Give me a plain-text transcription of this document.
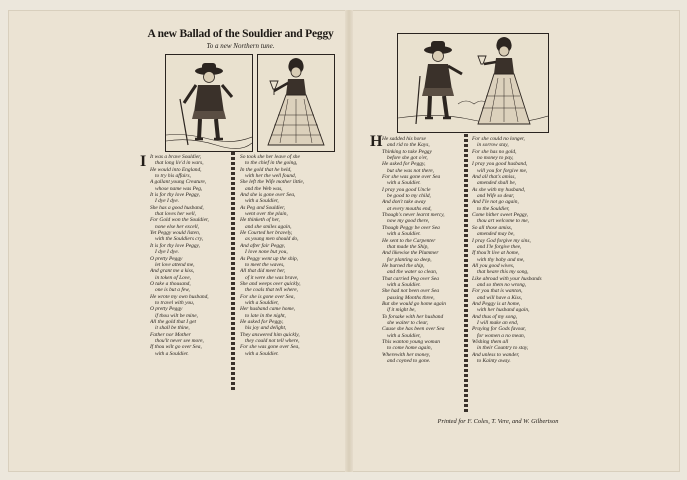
A new Ballad of the Souldier and Peggy
To a new Northern tune.
I
H
It was a brave Souldier,
that long liv'd in wars,
He would into England,
to try his affairs,
A gallant young Creature,
whose name was Peg,
It is for thy love Peggy,
I dye I dye.
She has a good husband,
that loves her well,
For Gold won the Souldier,
none else her excell,
Yet Peggy would listen,
with the Souldiers cry,
It is for thy love Peggy,
I dye I dye.
O pretty Peggy
let love attend me,
And grant me a kiss,
in token of Love,
O take a thousand,
one is but a few,
He wrote my own husband,
to travel with you,
O pretty Peggy
if thou wilt be mine,
All the gold that I get
it shall be thine,
Father nor Mother
thou'lt never see more,
If thou wilt go over Sea,
with a Souldier.
So took she her leave of she
to the chief in the going,
In the gold that he held,
with her the well found,
She left the Wife mother little,
and the Web was,
And she is gone over Sea,
with a Souldier,
As Peg and Souldier,
went over the plain,
He thinketh of her,
and she smiles again,
He Courted her bravely,
as young men should do,
And after fair Peggy,
I love none but you,
As Peggy went up the ship,
to meet the waves,
All that did meet her,
of it were she was brave,
She and weeps over quickly,
the coals that tell where,
For she is gone over Sea,
with a Souldier,
Her husband came home,
to late in the night,
He asked for Peggy,
his joy and delight,
They answered him quickly,
they could not tell where,
For she was gone over Sea,
with a Souldier.
He sadded his horse
and rid to the Kays,
Thinking to take Peggy
before she got o'er,
He asked for Peggy,
but she was not there,
For she was gone over Sea
with a Souldier.
I pray you good Uncle
be good to my child,
And don't take away
at every mouths end,
Though's never learnt mercy,
now my good there,
Though Peggy be over Sea
with a Souldier.
He sent to the Carpenter
that made the Ship,
And likewise the Plummer
for planting so deep,
He burned the ship,
and the water so clean,
That carried Peg over Sea
with a Souldier.
She had not been over Sea
passing Months three,
But she would go home again
if it might be,
To forsake with her husband
she waiter to clear,
Cause she has been over Sea
with a Souldier,
This wanton young woman
to come home again,
Wherewith her money,
and coyned to gone.
For she could no longer,
in sorrow stay,
For she has no gold,
no money to pay,
I pray you good husband,
will you for forgive me,
And all that's amiss,
amended shall be,
As she with my husband,
and Wife so dear,
And I'le not go again,
to the Souldier,
Come hither sweet Peggy,
thou art welcome to me,
So all those amiss,
amended may be,
I pray God forgive my sins,
and I'le forgive thee,
If thou'lt live at home,
with thy baby and me,
All you good wives,
that heare this my song,
Like abroad with your husbands
and so them no wrong,
For you that is wanton,
and will have a Kiss,
And Peggy is at home,
with her husband again,
And thus of my song,
I will make an end,
Praying for Gods favour,
for women a no mean,
Wishing them all
in their Country to stay,
And unless to wander,
to Kainty away.
Printed for F. Coles, T. Vere, and W. Gilbertson
